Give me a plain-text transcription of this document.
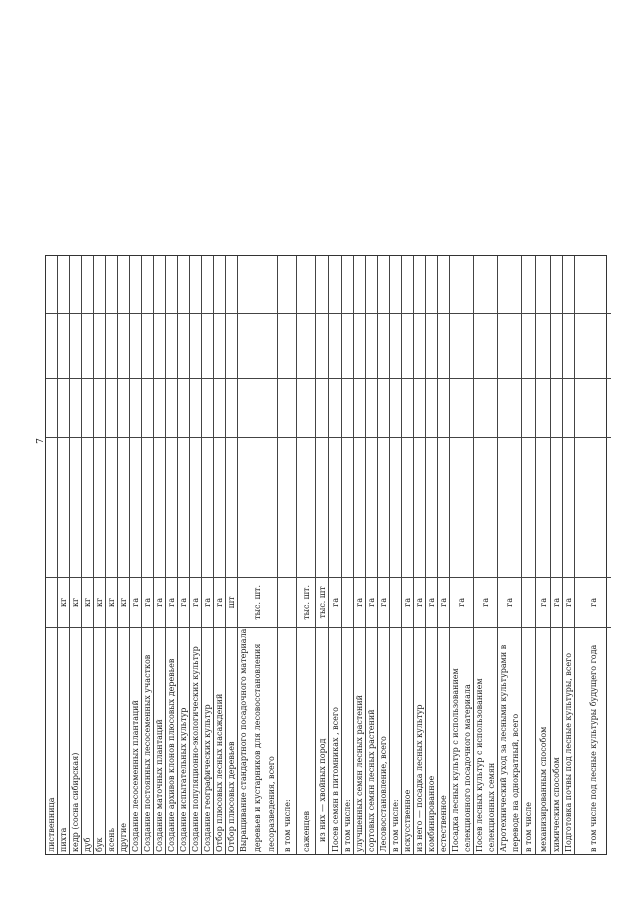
7
лиственница пихта
кг
кедр (сосна сибирская)
кг
дуб
кг
бук
кг
ясень
кг
другие
кг
Создание лесосеменных плантаций
га
Создание постоянных лесосеменных участков
га
Создание маточных плантаций
га
Создание архивов клонов плюсовых деревьев
га
Создание испытательных культур
га
Создание популяционно-экологических культур
га
Создание географических культур
га
Отбор плюсовых лесных насаждений
га
Отбор плюсовых деревьев
шт
Выращивание стандартного посадочного материала деревьев и кустарников для лесовосстановления лесоразведения, всего
тыс. шт.
в том числе:	саженцев
тыс. шт.
из них — хвойных пород
тыс. шт
Посев семян в питомниках , всего
га
в том числе: улучшенных семян лесных растений
га
сортовых семян лесных растений
га
Лесовосстановление, всего
га
в том числе: искусственное
га
из него — посадка лесных культур
га
комбинированное
га
естественное
га
Посадка лесных культур с использованием селекционного посадочного материала
га
Посев лесных культур с использованием селекционных семян
га
Агротехнический уход за лесными культурами в переводе на однократный, всего
га
в том числе механизированным способом
га
химическим способом
га
Подготовка почвы под лесные культуры, всего
га
в том числе под лесные культуры будущего года
га
